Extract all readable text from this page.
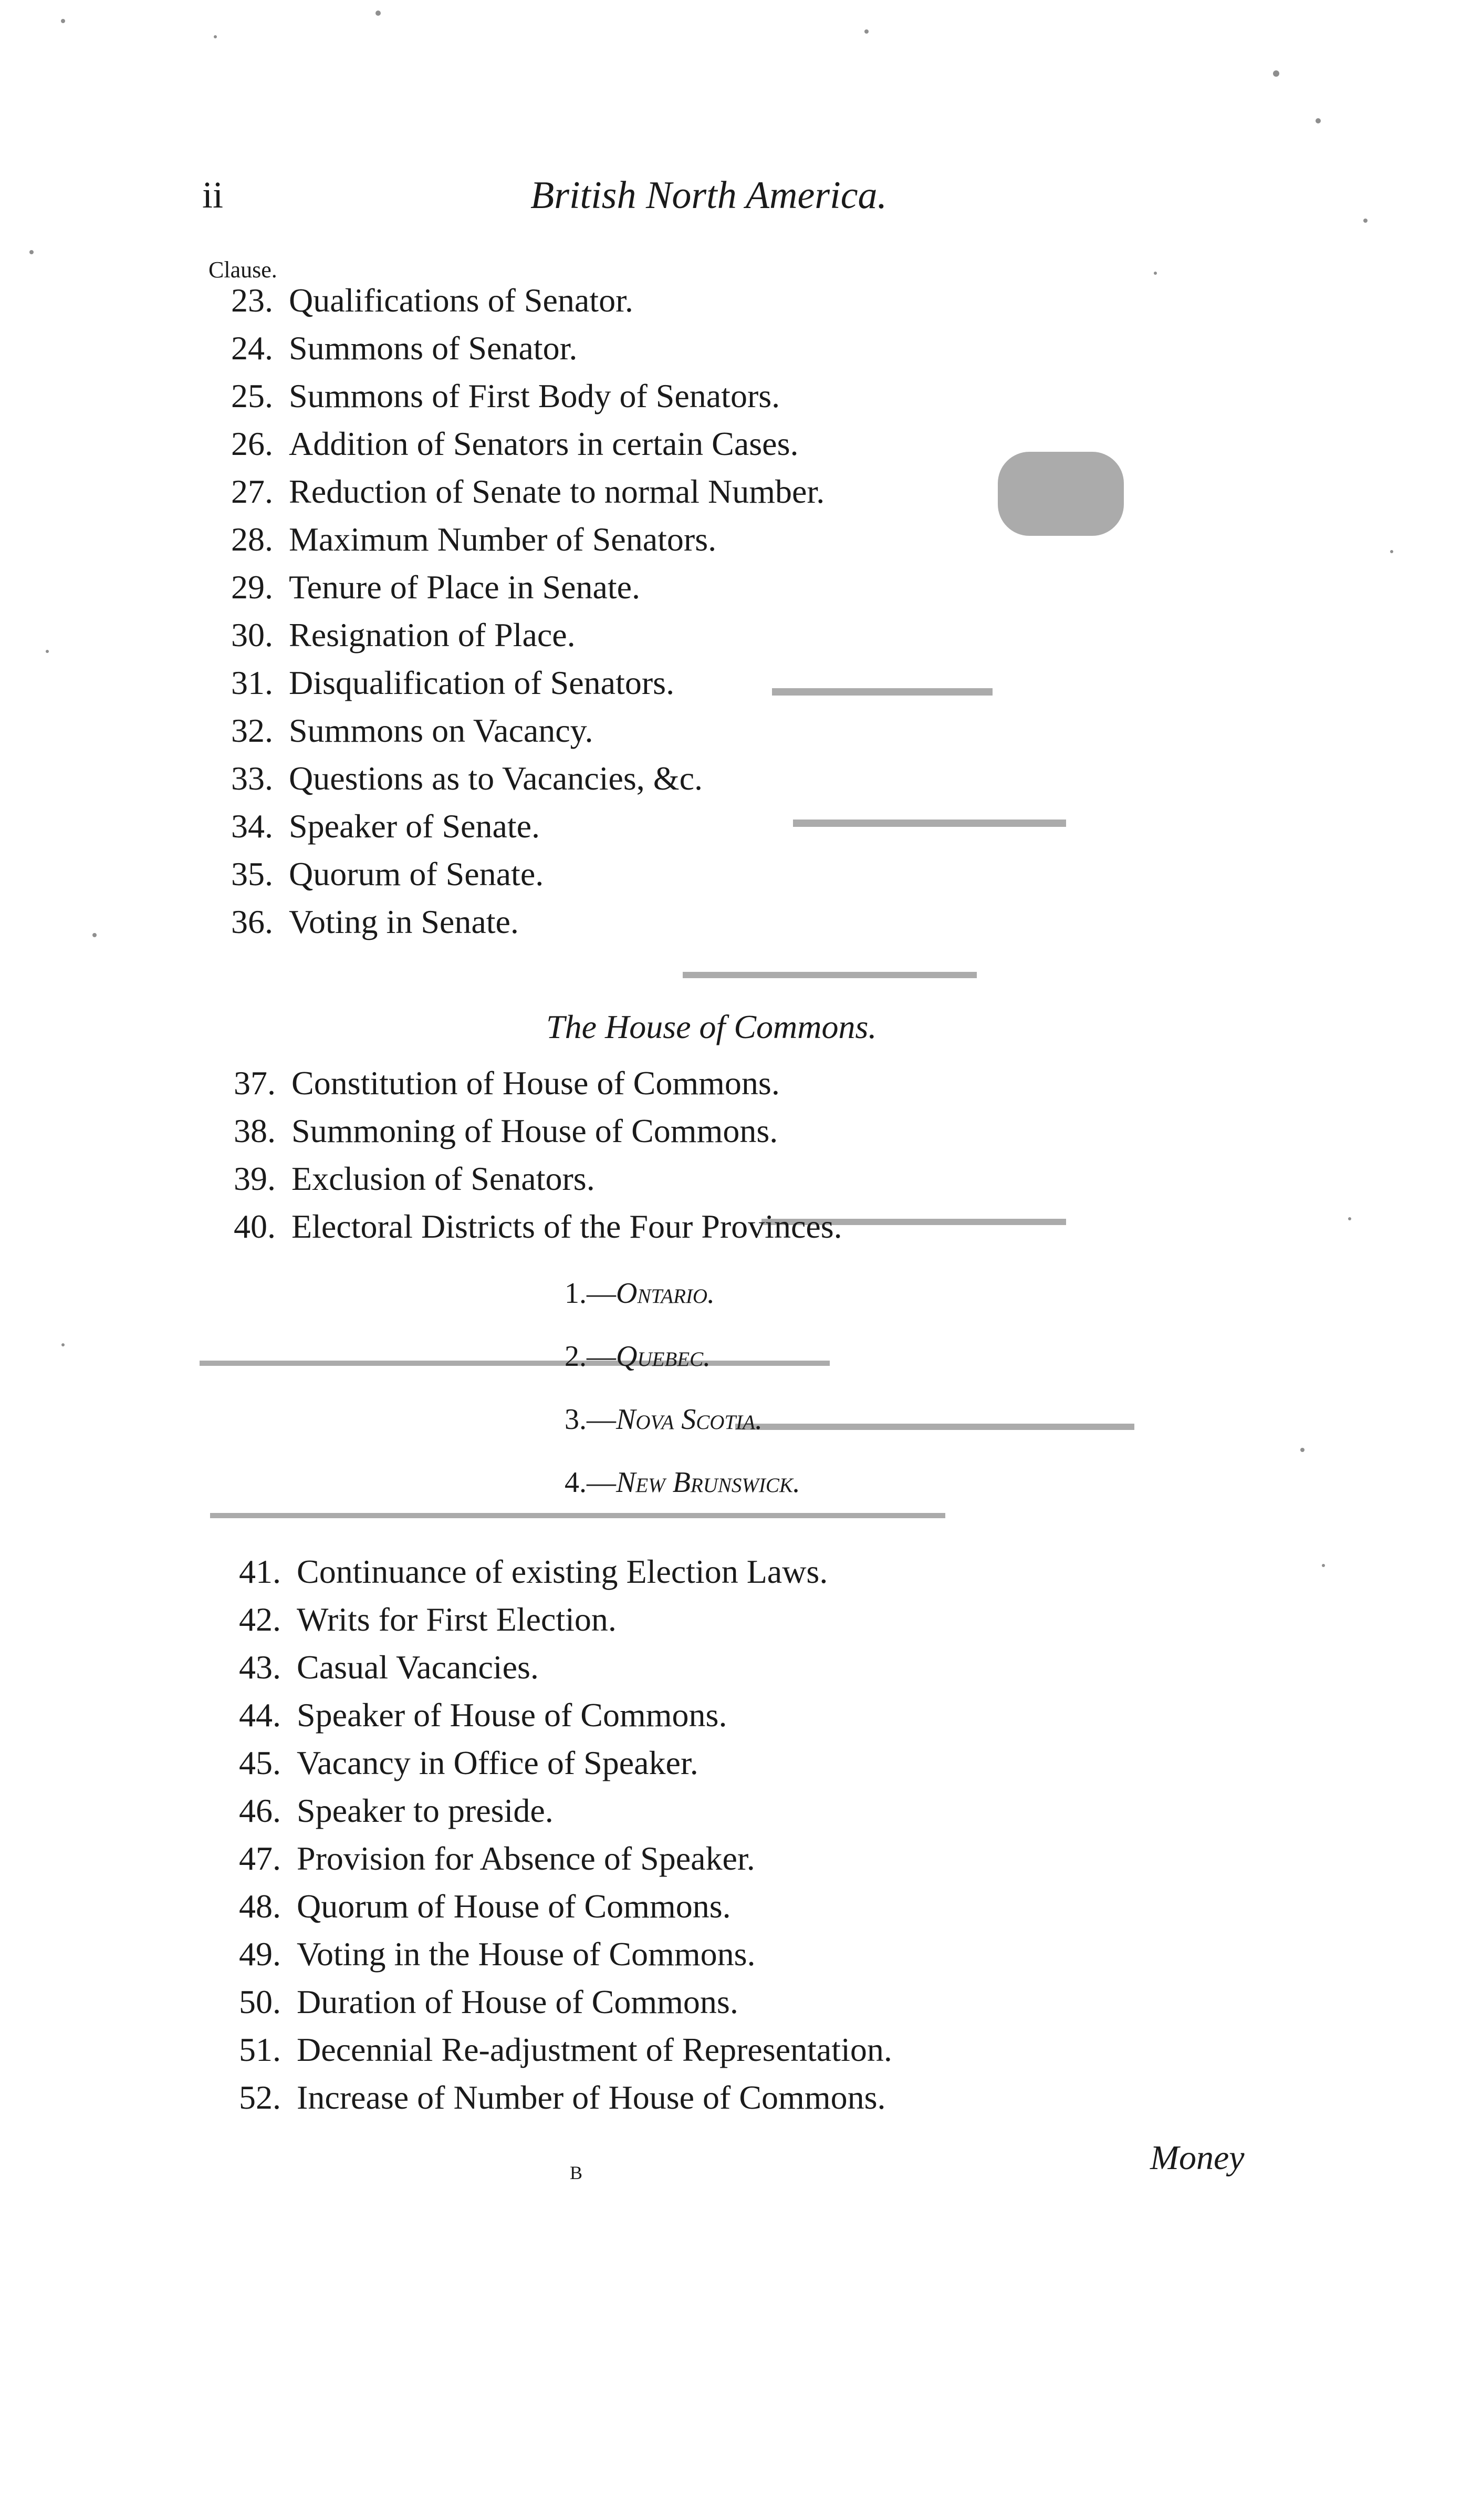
ii	British North America.
Clause.
23. Qualifications of Senator.
24. Summons of Senator.
25. Summons of First Body of Senators.
26. Addition of Senators in certain Cases.
27. Reduction of Senate to normal Number.
28. Maximum Number of Senators.
29. Tenure of Place in Senate.
30. Resignation of Place.
31. Disqualification of Senators.
32. Summons on Vacancy.
33. Questions as to Vacancies, &c.
34. Speaker of Senate.
35. Quorum of Senate.
36. Voting in Senate.
The House of Commons.
37. Constitution of House of Commons.
38. Summoning of House of Commons.
39. Exclusion of Senators.
40. Electoral Districts of the Four Provinces.
1.—Ontario.
2.—Quebec.
3.—Nova Scotia.
4.—New Brunswick.
41. Continuance of existing Election Laws.
42. Writs for First Election.
43. Casual Vacancies.
44. Speaker of House of Commons.
45. Vacancy in Office of Speaker.
46. Speaker to preside.
47. Provision for Absence of Speaker.
48. Quorum of House of Commons.
49. Voting in the House of Commons.
50. Duration of House of Commons.
51. Decennial Re-adjustment of Representation.
52. Increase of Number of House of Commons.
B	Money
